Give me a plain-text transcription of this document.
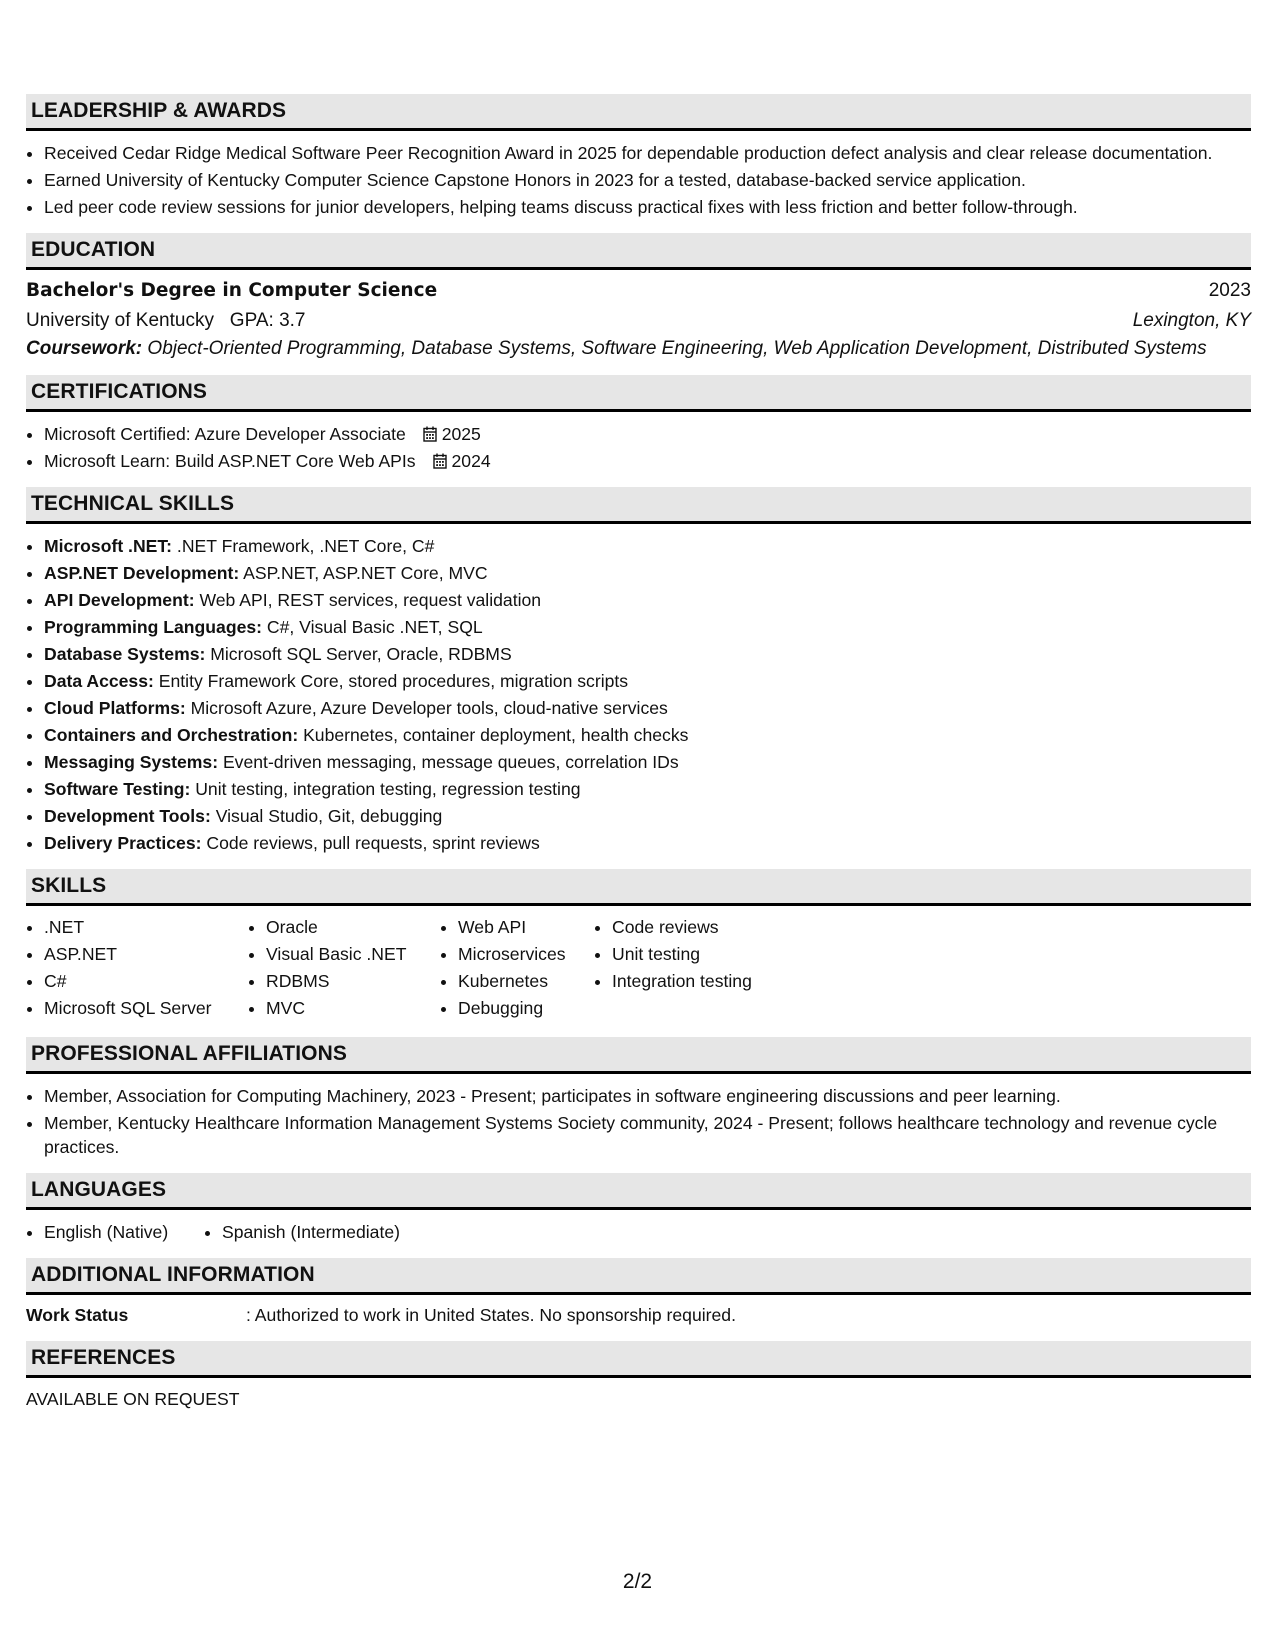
LEADERSHIP & AWARDS
• Received Cedar Ridge Medical Software Peer Recognition Award in 2025 for dependable production defect analysis and clear release documentation.
• Earned University of Kentucky Computer Science Capstone Honors in 2023 for a tested, database-backed service application.
• Led peer code review sessions for junior developers, helping teams discuss practical fixes with less friction and better follow-through.
EDUCATION
Bachelor's Degree in Computer Science	2023
University of Kentucky   GPA: 3.7	Lexington, KY
Coursework: Object-Oriented Programming, Database Systems, Software Engineering, Web Application Development, Distributed Systems
CERTIFICATIONS
• Microsoft Certified: Azure Developer Associate 2025
• Microsoft Learn: Build ASP.NET Core Web APIs 2024
TECHNICAL SKILLS
• Microsoft .NET: .NET Framework, .NET Core, C#
• ASP.NET Development: ASP.NET, ASP.NET Core, MVC
• API Development: Web API, REST services, request validation
• Programming Languages: C#, Visual Basic .NET, SQL
• Database Systems: Microsoft SQL Server, Oracle, RDBMS
• Data Access: Entity Framework Core, stored procedures, migration scripts
• Cloud Platforms: Microsoft Azure, Azure Developer tools, cloud-native services
• Containers and Orchestration: Kubernetes, container deployment, health checks
• Messaging Systems: Event-driven messaging, message queues, correlation IDs
• Software Testing: Unit testing, integration testing, regression testing
• Development Tools: Visual Studio, Git, debugging
• Delivery Practices: Code reviews, pull requests, sprint reviews
SKILLS
• .NET
• ASP.NET
• C#
• Microsoft SQL Server
• Oracle
• Visual Basic .NET
• RDBMS
• MVC
• Web API
• Microservices
• Kubernetes
• Debugging
• Code reviews
• Unit testing
• Integration testing
PROFESSIONAL AFFILIATIONS
• Member, Association for Computing Machinery, 2023 - Present; participates in software engineering discussions and peer learning.
• Member, Kentucky Healthcare Information Management Systems Society community, 2024 - Present; follows healthcare technology and revenue cycle practices.
LANGUAGES
• English (Native)
•	Spanish (Intermediate)
ADDITIONAL INFORMATION
Work Status	: Authorized to work in United States. No sponsorship required.
REFERENCES
AVAILABLE ON REQUEST
2/2
